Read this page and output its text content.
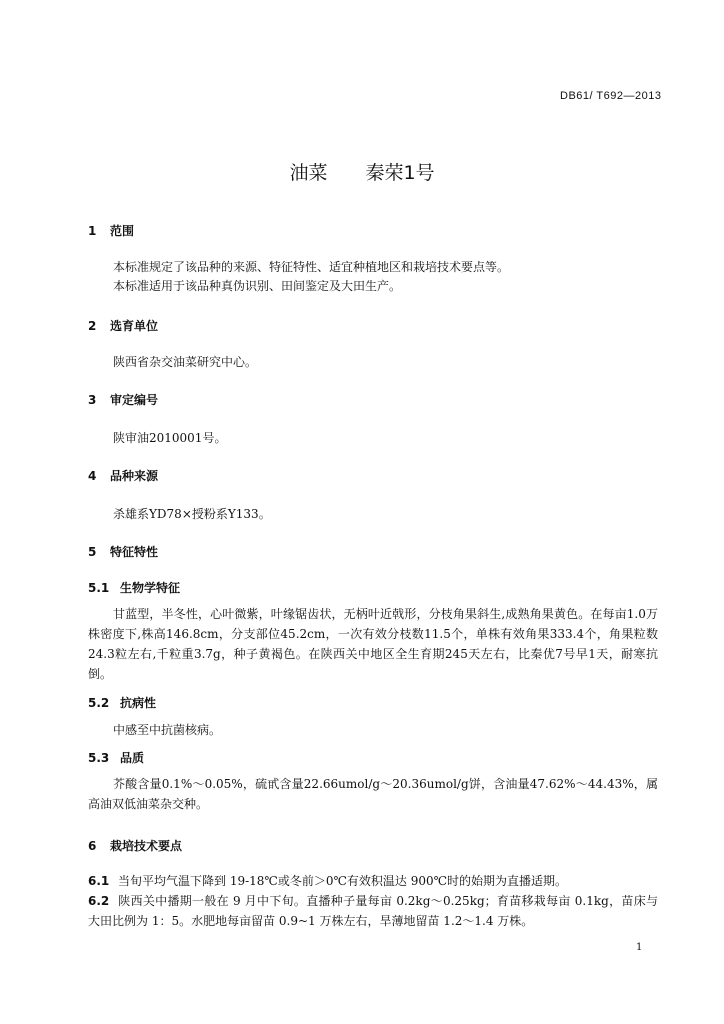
DB61/ T692—2013
油菜 秦荣1号
1 范围
本标准规定了该品种的来源、特征特性、适宜种植地区和栽培技术要点等。
本标准适用于该品种真伪识别、田间鉴定及大田生产。
2 选育单位
陕西省杂交油菜研究中心。
3 审定编号
陕审油2010001号。
4 品种来源
杀雄系YD78×授粉系Y133。
5 特征特性
5.1 生物学特征
甘蓝型，半冬性，心叶微紫，叶缘锯齿状，无柄叶近戟形，分枝角果斜生,成熟角果黄色。在每亩1.0万株密度下,株高146.8cm，分支部位45.2cm，一次有效分枝数11.5个，单株有效角果333.4个，角果粒数24.3粒左右,千粒重3.7g，种子黄褐色。在陕西关中地区全生育期245天左右，比秦优7号早1天，耐寒抗倒。
5.2 抗病性
中感至中抗菌核病。
5.3 品质
芥酸含量0.1%～0.05%，硫甙含量22.66umol/g～20.36umol/g饼，含油量47.62%～44.43%，属高油双低油菜杂交种。
6 栽培技术要点
6.1 当旬平均气温下降到 19-18℃或冬前＞0℃有效积温达 900℃时的始期为直播适期。
6.2 陕西关中播期一般在 9 月中下旬。直播种子量每亩 0.2kg～0.25kg；育苗移栽每亩 0.1kg，苗床与大田比例为 1：5。水肥地每亩留苗 0.9~1 万株左右，旱薄地留苗 1.2～1.4 万株。
1
